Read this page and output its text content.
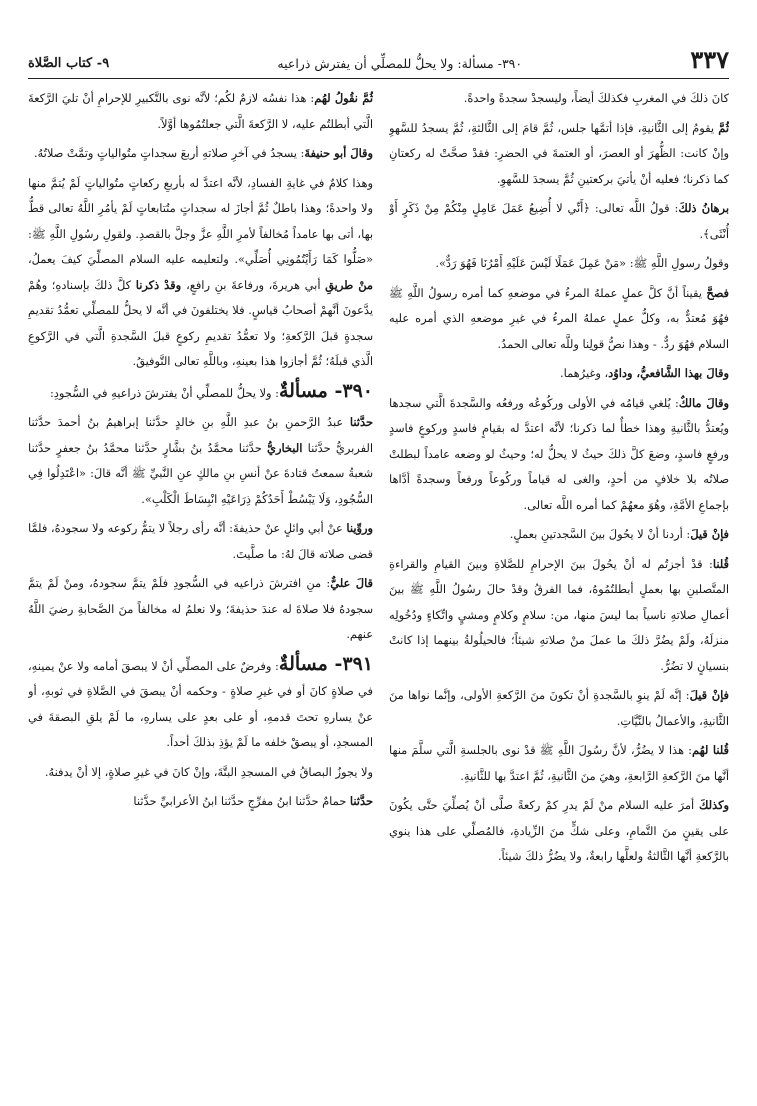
٣٣٧
٣٩٠- مسألة: ولا يحلُّ للمصلِّي أن يفترش ذراعيه
٩- كتاب الصَّلاة

كانَ ذلكَ في المغربِ فكذلكَ أيضاً، وليسجدْ سجدةً واحدةً.

ثُمَّ يقومُ إلى الثَّانيةِ، فإذا أتمَّها جلس، ثُمَّ قامَ إلى الثَّالثةِ، ثُمَّ يسجدُ للسَّهوِ وإنْ كانت: الظُّهرَ أو العصرَ، أو العتمةَ في الحضرِ: فقدْ صحَّتْ له ركعتانِ كما ذكرنا؛ فعليه أنْ يأتيَ بركعتينِ ثُمَّ يسجدَ للسَّهوِ.

برهانُ ذلكَ: قولُ اللَّه تعالى: ﴿أَنِّي لا أُضِيعُ عَمَلَ عَامِلٍ مِنْكُمْ مِنْ ذَكَرٍ أَوْ أُنْثَى﴾.

وقولُ رسولِ اللَّهِ ﷺ: «مَنْ عَمِلَ عَمَلًا لَيْسَ عَلَيْهِ أَمْرُنَا فَهُوَ رَدٌّ».

فصحَّ يقيناً أنَّ كلَّ عملٍ عملهُ المرءُ في موضعهِ كما أمره رسولُ اللَّهِ ﷺ فهُوَ مُعتدٌّ به، وكلُّ عملٍ عملهُ المرءُ في غيرِ موضعهِ الذي أمره عليه السلام فهُوَ ردٌّ. - وهذا نصُّ قولِنا وللَّه تعالى الحمدُ.

وقالَ بهذا الشَّافعيُّ، وداوُد، وغيرُهما.

وقالَ مالكٌ: يُلغي قيامُه في الأولى وركُوعُه ورفعُه والسَّجدةَ الَّتي سجدها ويُعتدُّ بالثَّانيةِ وهذا خطأٌ لما ذكرنا؛ لأنَّه اعتدَّ له بقيامٍ فاسدٍ وركوعٍ فاسدٍ ورفعٍ فاسدٍ، وضعَ كلَّ ذلكَ حيثُ لا يحلُّ له؛ وحيثُ لو وضعه عامداً لبطلتْ صلاتُه بلا خلافٍ من أحدٍ، والغى له قياماً وركُوعاً ورفعاً وسجدةً أدَّاها بإجماعِ الأمَّةِ، وهُوَ معهُمْ كما أمره اللَّه تعالى.

فإنْ قيلَ: أردنا أنْ لا يحُولَ بينَ السَّجدتينِ بعملٍ.

قُلنا: قدْ أجزتُم له أنْ يحُولَ بينَ الإحرامِ للصَّلاةِ وبينَ القيامِ والقراءةِ المتَّصلينِ بها بعملٍ أبطلتُمُوهُ، فما الفرقُ وقدْ حالَ رسُولُ اللَّهِ ﷺ بينَ أعمالِ صلاتهِ ناسياً بما ليسَ منها، من: سلامٍ وكلامٍ ومشيٍ واتِّكاءٍ ودُخُولِه منزلَهُ، ولَمْ يضُرَّ ذلكَ ما عملَ منْ صلاتهِ شيئاً؛ فالحيلُولةُ بينهما إذا كانتْ بنسيانٍ لا تضُرُّ.

فإنْ قيلَ: إنَّه لَمْ ينوِ بالسَّجدةِ أنْ تكونَ منَ الرَّكعةِ الأولى، وإنَّما نواها منَ الثَّانيةِ، والأعمالُ بالنِّيَّاتِ.

قُلنا لهُم: هذا لا يضُرُّ، لأنَّ رسُولَ اللَّهِ ﷺ قدْ نوى بالجلسةِ الَّتي سلَّمَ منها أنَّها منَ الرَّكعةِ الرَّابعةِ، وهيَ منَ الثَّانيةِ، ثُمَّ اعتدَّ بها للثَّانيةِ.

وكذلكَ أمرَ عليه السلام منْ لَمْ يدرِ كمْ ركعةً صلَّى أنْ يُصلِّيَ حتَّى يكُونَ على يقينٍ منَ التَّمامِ، وعلى شكٍّ منَ الزِّيادةِ، فالمُصلِّي على هذا ينوي بالرَّكعةِ أنَّها الثَّالثةُ ولعلَّها رابعةٌ، ولا يضُرُّ ذلكَ شيئاً.

ثُمَّ نقُولُ لهُم: هذا نفسُه لازمٌ لكُم؛ لأنَّه نوى بالتَّكبيرِ للإحرامِ أنْ تليَ الرَّكعةَ الَّتي أبطلتُم عليه، لا الرَّكعةَ الَّتي جعلتُمُوها أوَّلاً.

وقالَ أبو حنيفةَ: يسجدُ في آخرِ صلاتهِ أربعَ سجداتٍ متُوالياتٍ وتمَّتْ صلاتُهُ.

وهذا كلامٌ في غايةِ الفسادِ، لأنَّه اعتدَّ له بأربعِ ركعاتٍ متُوالياتٍ لَمْ يُتمَّ منها ولا واحدةً؛ وهذا باطلٌ ثُمَّ أجازَ له سجداتٍ متُتابعاتٍ لَمْ يأمُرِ اللَّهُ تعالى قطُّ بها، أتى بها عامداً مُخالفاً لأمرِ اللَّهِ عزَّ وجلَّ بالقصدِ. ولقولِ رسُولِ اللَّهِ ﷺ: «صَلُّوا كَمَا رَأَيْتُمُونِي أُصَلِّي». ولتعليمه عليه السلام المصلِّيَ كيفَ يعملُ، منْ طريقِ أبي هريرةَ، ورفاعةَ بنِ رافعٍ، وقدْ ذكرنا كلَّ ذلكَ بإسنادهِ؛ وهُمْ يدَّعونَ أنَّهمْ أصحابُ قياسٍ. فلا يختلفونَ في أنَّه لا يحلُّ للمصلِّي تعمُّدُ تقديمِ سجدةٍ قبلَ الرَّكعةِ؛ ولا تعمُّدُ تقديمِ ركوعٍ قبلَ السَّجدةِ الَّتي في الرَّكوعِ الَّذي قبلَهُ؛ ثُمَّ أجازوا هذا بعينهِ، وباللَّهِ تعالى التَّوفيقُ.

٣٩٠- مسألةٌ: ولا يحلُّ للمصلِّي أنْ يفترشَ ذراعيهِ في السُّجودِ:

حدَّثنا عبدُ الرَّحمنِ بنُ عبدِ اللَّهِ بنِ خالدٍ حدَّثنا إبراهيمُ بنُ أحمدَ حدَّثنا الفربريُّ حدَّثنا البخاريُّ حدَّثنا محمَّدُ بنُ بشَّارٍ حدَّثنا محمَّدُ بنُ جعفرٍ حدَّثنا شعبةُ سمعتُ قتادةَ عنْ أنسِ بنِ مالكٍ عنِ النَّبيِّ ﷺ أنَّه قالَ: «اعْتَدِلُوا فِي السُّجُودِ، وَلَا يَبْسُطْ أَحَدُكُمْ ذِرَاعَيْهِ انْبِسَاطَ الْكَلْبِ».

وروِّينا عنْ أبي وائلٍ عنْ حذيفةَ: أنَّه رأى رجلاً لا يتمُّ ركوعه ولا سجودهُ، فلمَّا قضى صلاته قالَ لهُ: ما صلَّيتَ.

قالَ عليٌّ: منِ افترشَ ذراعيه في السُّجودِ فلَمْ يتمَّ سجودهُ، ومنْ لَمْ يتمَّ سجودهُ فلا صلاةَ له عندَ حذيفةَ؛ ولا نعلمُ له مخالفاً منَ الصَّحابةِ رضيَ اللَّهُ عنهم.

٣٩١- مسألةٌ: وفرضٌ على المصلِّي أنْ لا يبصقَ أمامه ولا عنْ يمينهِ، في صلاةٍ كانَ أو في غيرِ صلاةٍ - وحكمه أنْ يبصقَ في الصَّلاةِ في ثوبهِ، أو عنْ يسارهِ تحتَ قدمهِ، أو على بعدٍ على يسارهِ، ما لَمْ يلقِ البصقةَ في المسجدِ، أو يبصقْ خلفه ما لَمْ يؤذِ بذلكَ أحداً.

ولا يجوزُ البصاقُ في المسجدِ البتَّةَ، وإنْ كانَ في غيرِ صلاةٍ، إلا أنْ يدفنهُ.

حدَّثنا حمامٌ حدَّثنا ابنُ مفرِّجٍ حدَّثنا ابنُ الأعرابيِّ حدَّثنا
